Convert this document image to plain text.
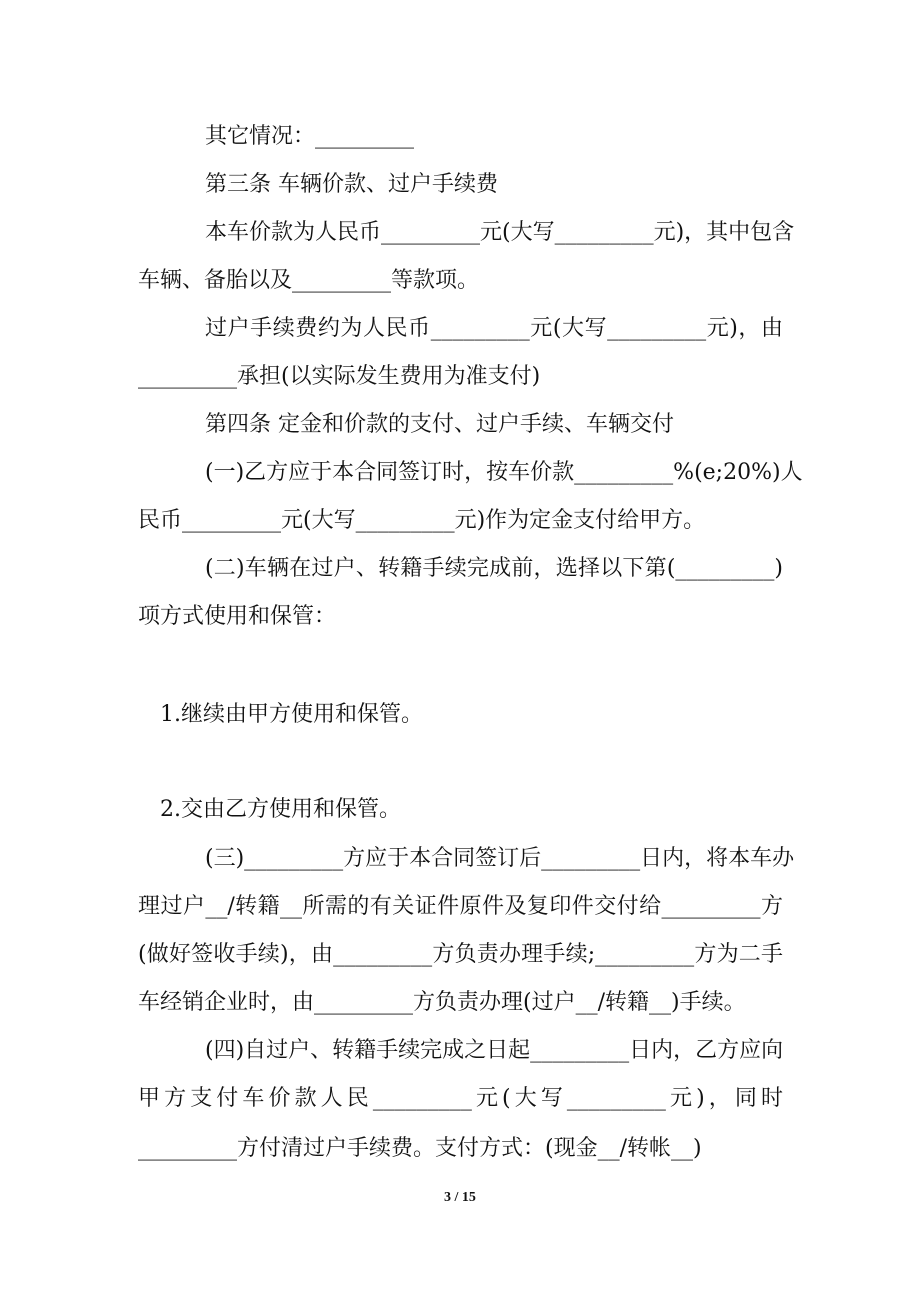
其它情况：_________
第三条 车辆价款、过户手续费
本车价款为人民币_________元(大写_________元)，其中包含
车辆、备胎以及_________等款项。
过户手续费约为人民币_________元(大写_________元)，由
_________承担(以实际发生费用为准支付)
第四条 定金和价款的支付、过户手续、车辆交付
(一)乙方应于本合同签订时，按车价款_________%(e;20%)人
民币_________元(大写_________元)作为定金支付给甲方。
(二)车辆在过户、转籍手续完成前，选择以下第(_________)
项方式使用和保管：
1.继续由甲方使用和保管。
2.交由乙方使用和保管。
(三)_________方应于本合同签订后_________日内，将本车办
理过户__/转籍__所需的有关证件原件及复印件交付给_________方
(做好签收手续)，由_________方负责办理手续;_________方为二手
车经销企业时，由_________方负责办理(过户__/转籍__)手续。
(四)自过户、转籍手续完成之日起_________日内，乙方应向
甲方支付车价款人民_________元(大写_________元)，同时
_________方付清过户手续费。支付方式：(现金__/转帐__)
3 / 15
